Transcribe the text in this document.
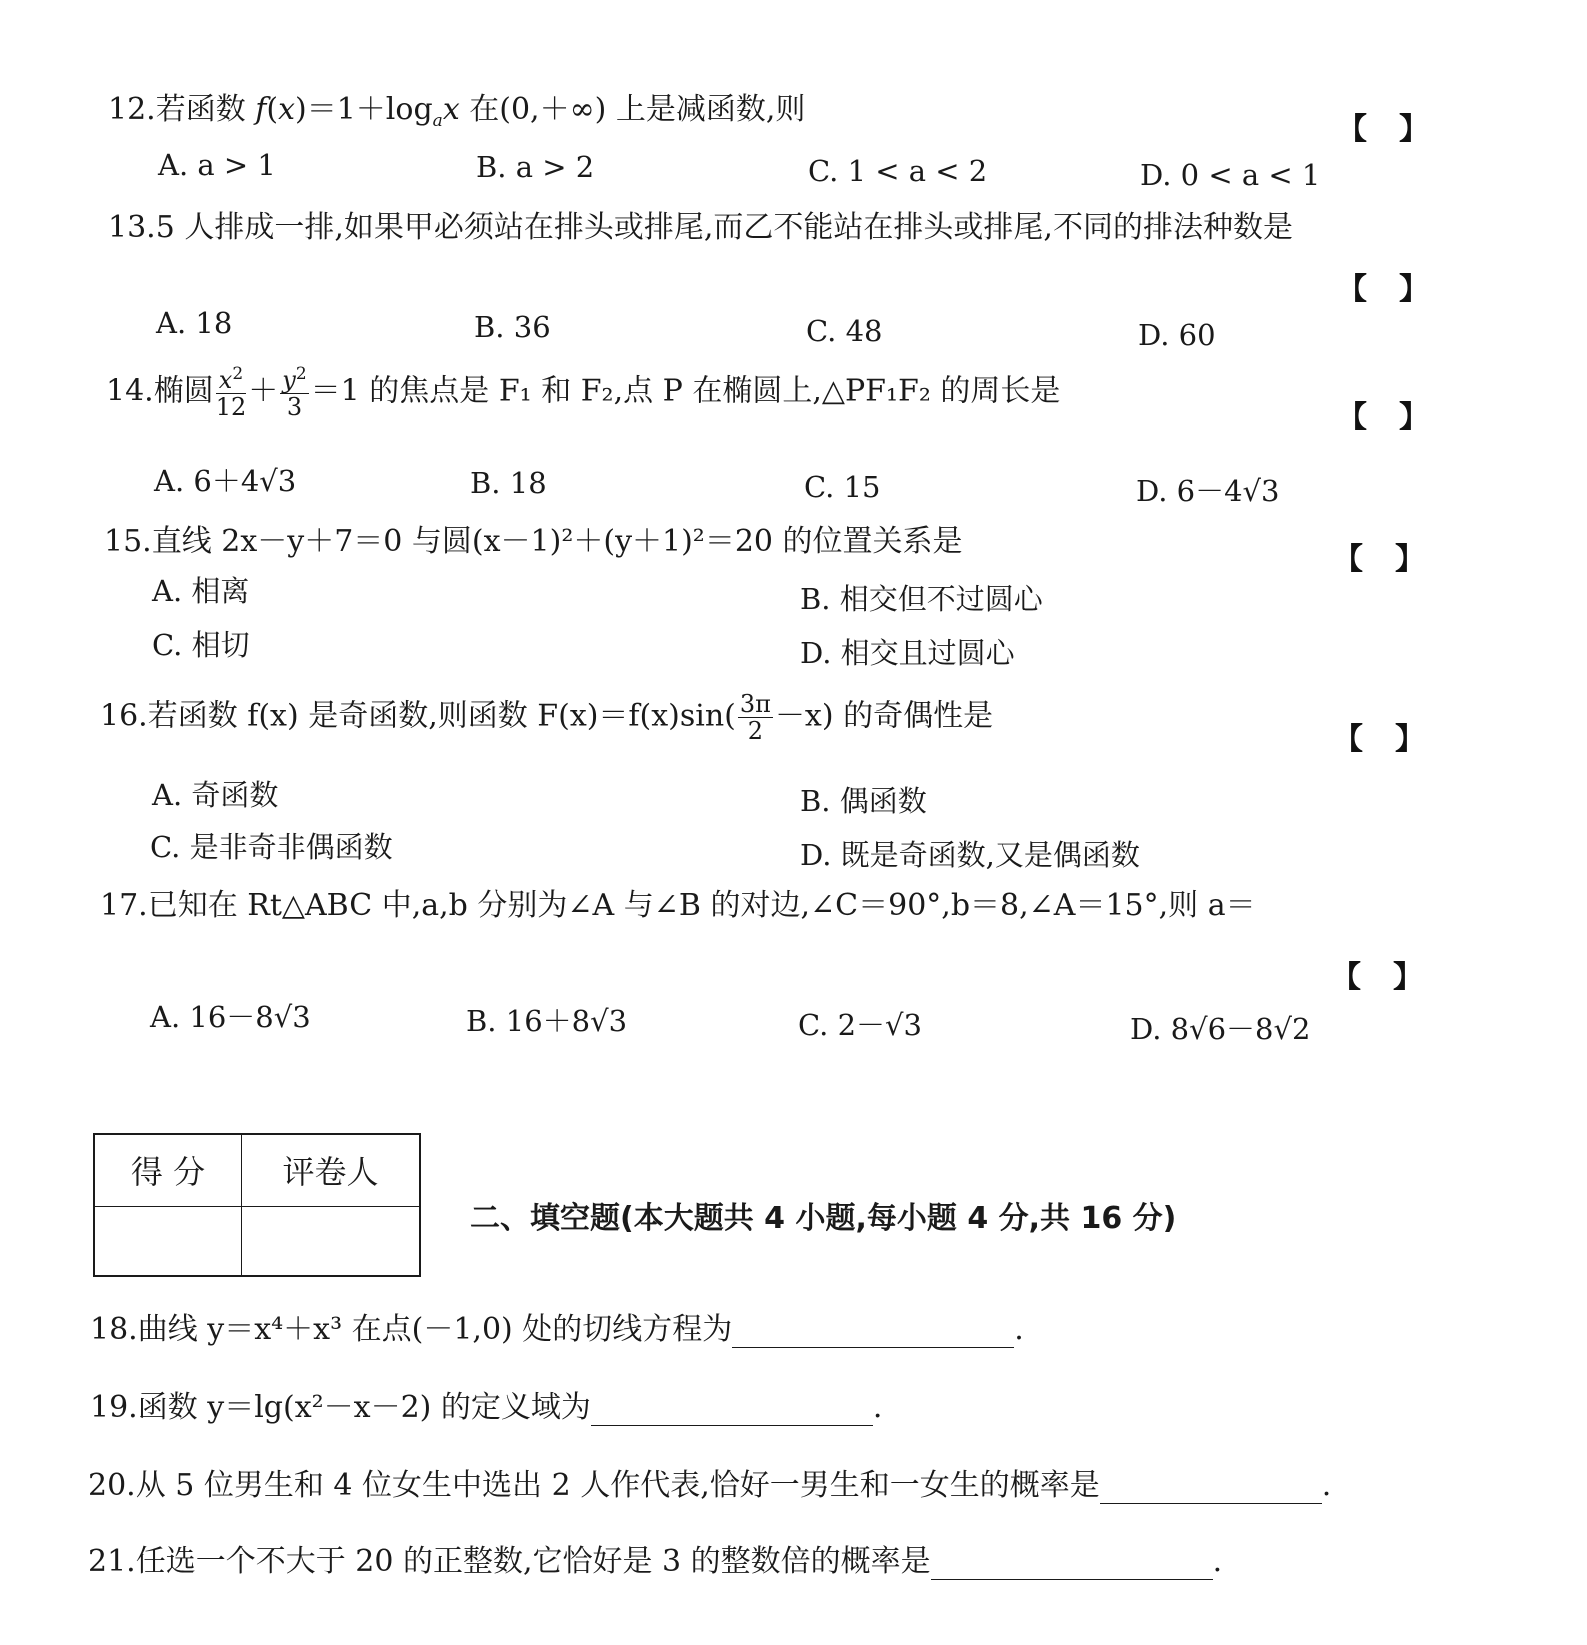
12.若函数 $f(x)=1+\log_ax$ 在(0,＋∞) 上是减函数,则
【 】
A. a > 1	B. a > 2	C. 1 < a < 2	D. 0 < a < 1
13.5 人排成一排,如果甲必须站在排头或排尾,而乙不能站在排头或排尾,不同的排法种数是
【 】
A. 18	B. 36	C. 48	D. 60
14.椭圆 $\frac{x^2}{12} + \frac{y^2}{3} =1$ 的焦点是 F₁ 和 F₂,点 P 在椭圆上,△PF₁F₂ 的周长是
【 】
A. 6＋4√3	B. 18	C. 15	D. 6－4√3
15.直线 2x－y＋7＝0 与圆(x－1)²＋(y＋1)²＝20 的位置关系是
【 】
A. 相离	B. 相交但不过圆心
C. 相切	D. 相交且过圆心
16.若函数 f(x) 是奇函数,则函数 $F(x)=f(x)\sin( \frac{3\pi}{2} -x)$ 的奇偶性是
【 】
A. 奇函数	B. 偶函数
C. 是非奇非偶函数	D. 既是奇函数,又是偶函数
17.已知在 Rt△ABC 中,a,b 分别为∠A 与∠B 的对边,∠C＝90°,b＝8,∠A＝15°,则 a＝
【 】
A. 16－8√3	B. 16＋8√3	C. 2－√3	D. 8√6－8√2
得 分	评卷人

二、填空题(本大题共 4 小题,每小题 4 分,共 16 分)
18.曲线 y＝x⁴＋x³ 在点(－1,0) 处的切线方程为	.
19.函数 y＝lg(x²－x－2) 的定义域为	.
20.从 5 位男生和 4 位女生中选出 2 人作代表,恰好一男生和一女生的概率是	.
21.任选一个不大于 20 的正整数,它恰好是 3 的整数倍的概率是	.
